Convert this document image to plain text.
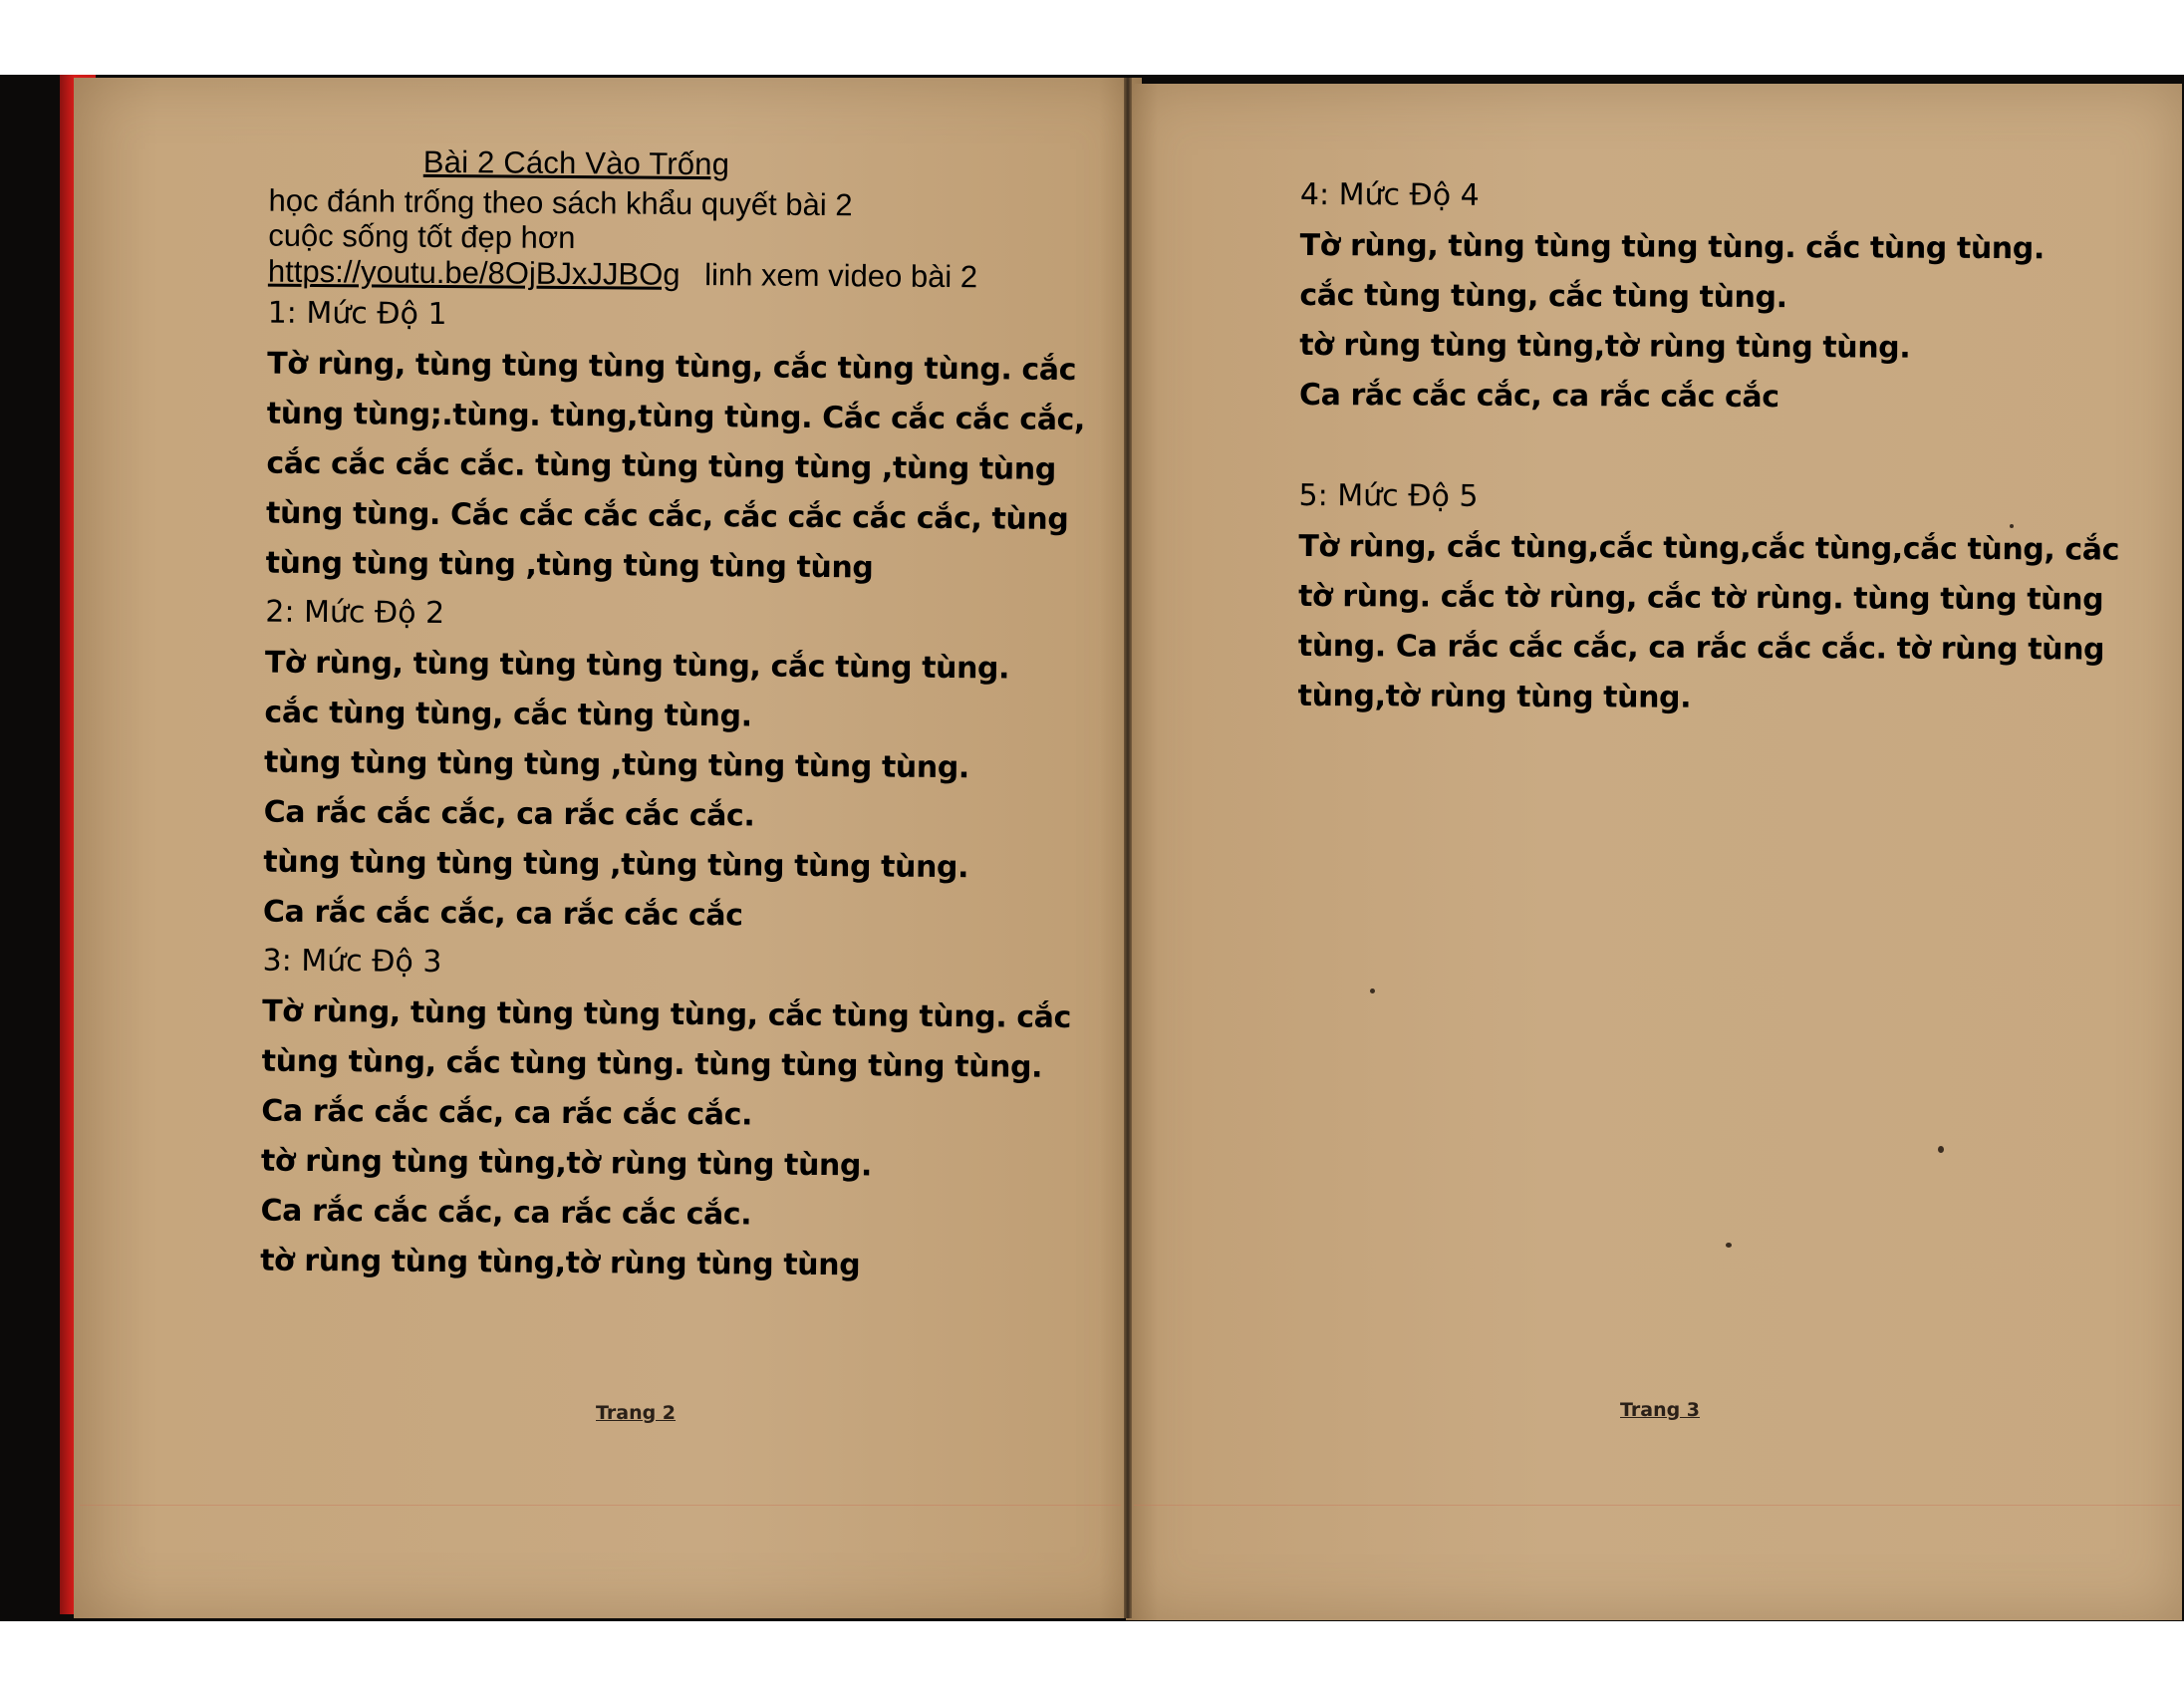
Bài 2 Cách Vào Trống
học đánh trống theo sách khẩu quyết bài 2
cuộc sống tốt đẹp hơn
https://youtu.be/8OjBJxJJBOg linh xem video bài 2
1: Mức Độ 1
Tờ rùng, tùng tùng tùng tùng, cắc tùng tùng. cắc
tùng tùng;.tùng. tùng,tùng tùng. Cắc cắc cắc cắc,
cắc cắc cắc cắc. tùng tùng tùng tùng ,tùng tùng
tùng tùng. Cắc cắc cắc cắc, cắc cắc cắc cắc, tùng
tùng tùng tùng ,tùng tùng tùng tùng
2: Mức Độ 2
Tờ rùng, tùng tùng tùng tùng, cắc tùng tùng.
cắc tùng tùng, cắc tùng tùng.
tùng tùng tùng tùng ,tùng tùng tùng tùng.
Ca rắc cắc cắc, ca rắc cắc cắc.
tùng tùng tùng tùng ,tùng tùng tùng tùng.
Ca rắc cắc cắc, ca rắc cắc cắc
3: Mức Độ 3
Tờ rùng, tùng tùng tùng tùng, cắc tùng tùng. cắc
tùng tùng, cắc tùng tùng. tùng tùng tùng tùng.
Ca rắc cắc cắc, ca rắc cắc cắc.
tờ rùng tùng tùng,tờ rùng tùng tùng.
Ca rắc cắc cắc, ca rắc cắc cắc.
tờ rùng tùng tùng,tờ rùng tùng tùng
Trang 2
4: Mức Độ 4
Tờ rùng, tùng tùng tùng tùng. cắc tùng tùng.
cắc tùng tùng, cắc tùng tùng.
tờ rùng tùng tùng,tờ rùng tùng tùng.
Ca rắc cắc cắc, ca rắc cắc cắc
5: Mức Độ 5
Tờ rùng, cắc tùng,cắc tùng,cắc tùng,cắc tùng, cắc
tờ rùng. cắc tờ rùng, cắc tờ rùng. tùng tùng tùng
tùng. Ca rắc cắc cắc, ca rắc cắc cắc. tờ rùng tùng
tùng,tờ rùng tùng tùng.
Trang 3
